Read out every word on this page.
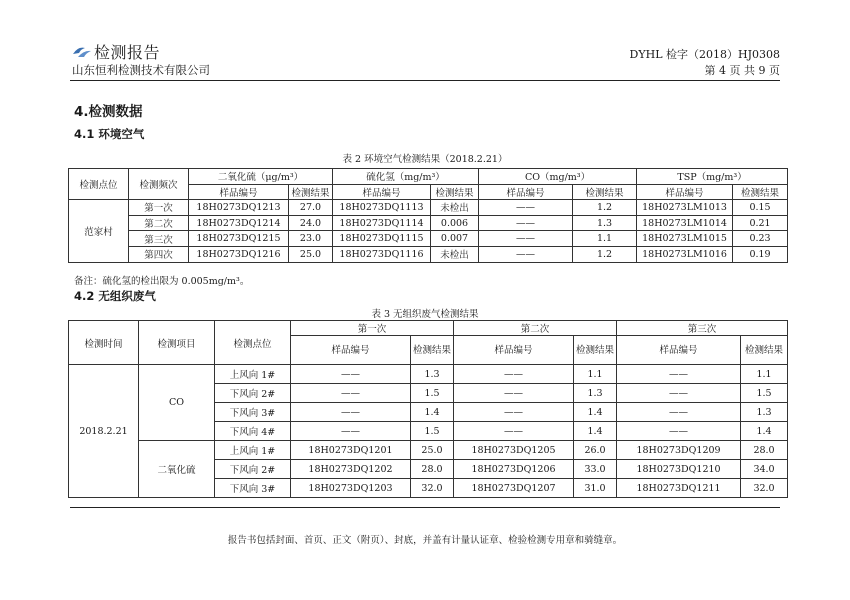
检测报告
山东恒利检测技术有限公司
DYHL 检字（2018）HJ0308
第 4 页 共 9 页
4.检测数据
4.1 环境空气
表 2 环境空气检测结果（2018.2.21）
检测点位	检测频次	二氧化硫（μg/m³）		硫化氢（mg/m³）		CO（mg/m³）		TSP（mg/m³）	
		样品编号	检测结果	样品编号	检测结果	样品编号	检测结果	样品编号	检测结果
范家村	第一次	18H0273DQ1213	27.0	18H0273DQ1113	未检出	——	1.2	18H0273LM1013	0.15
	第二次	18H0273DQ1214	24.0	18H0273DQ1114	0.006	——	1.3	18H0273LM1014	0.21
	第三次	18H0273DQ1215	23.0	18H0273DQ1115	0.007	——	1.1	18H0273LM1015	0.23
	第四次	18H0273DQ1216	25.0	18H0273DQ1116	未检出	——	1.2	18H0273LM1016	0.19
备注：硫化氢的检出限为 0.005mg/m³。
4.2 无组织废气
表 3 无组织废气检测结果
检测时间	检测项目	检测点位	第一次		第二次		第三次	
			样品编号	检测结果	样品编号	检测结果	样品编号	检测结果
2018.2.21	CO	上风向 1#	——	1.3	——	1.1	——	1.1
		下风向 2#	——	1.5	——	1.3	——	1.5
		下风向 3#	——	1.4	——	1.4	——	1.3
		下风向 4#	——	1.5	——	1.4	——	1.4
	二氧化硫	上风向 1#	18H0273DQ1201	25.0	18H0273DQ1205	26.0	18H0273DQ1209	28.0
		下风向 2#	18H0273DQ1202	28.0	18H0273DQ1206	33.0	18H0273DQ1210	34.0
		下风向 3#	18H0273DQ1203	32.0	18H0273DQ1207	31.0	18H0273DQ1211	32.0
报告书包括封面、首页、正文（附页）、封底，并盖有计量认证章、检验检测专用章和骑缝章。
